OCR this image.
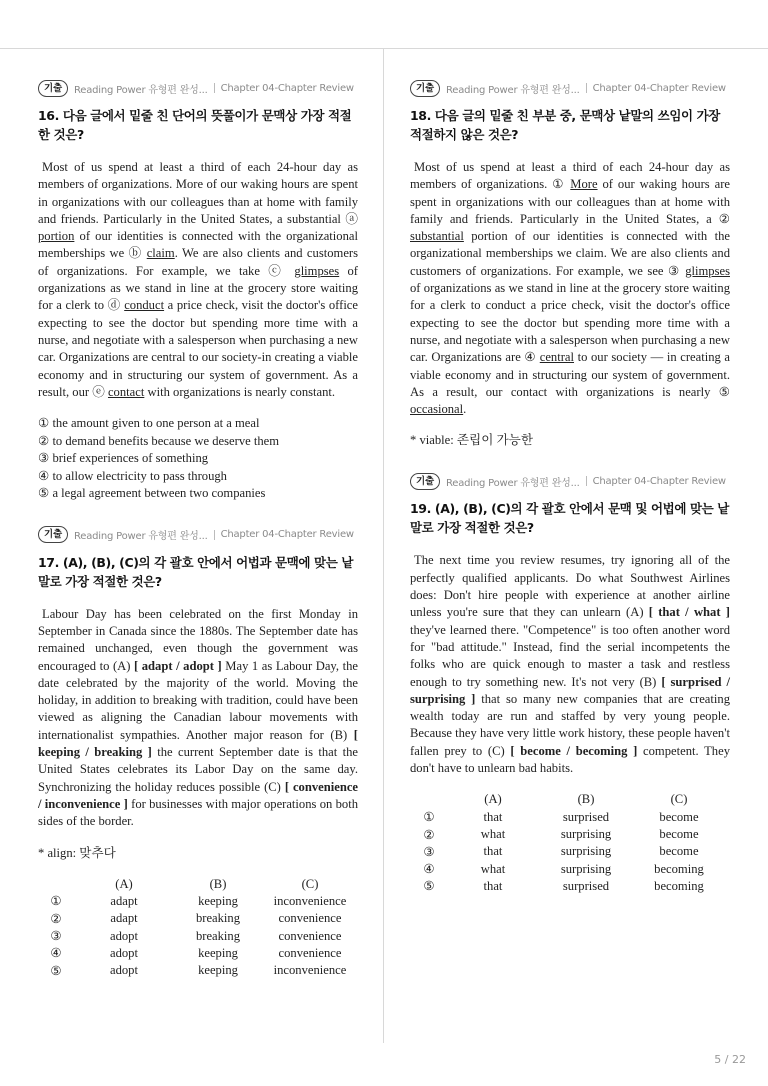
기출	Reading Power 유형편 완성... Chapter 04-Chapter Review
16. 다음 글에서 밑줄 친 단어의 뜻풀이가 문맥상 가장 적절한 것은?

Most of us spend at least a third of each 24-hour day as members of organizations. More of our waking hours are spent in organizations with our colleagues than at home with family and friends. Particularly in the United States, a substantial ⓐ portion of our identities is connected with the organizational memberships we ⓑ claim. We are also clients and customers of organizations. For example, we take ⓒ glimpses of organizations as we stand in line at the grocery store waiting for a clerk to ⓓ conduct a price check, visit the doctor's office expecting to see the doctor but spending more time with a nurse, and negotiate with a salesperson when purchasing a new car. Organizations are central to our society-in creating a viable economy and in structuring our system of government. As a result, our ⓔ contact with organizations is nearly constant.

① the amount given to one person at a meal
② to demand benefits because we deserve them
③ brief experiences of something
④ to allow electricity to pass through
⑤ a legal agreement between two companies
기출	Reading Power 유형편 완성... Chapter 04-Chapter Review
17. (A), (B), (C)의 각 괄호 안에서 어법과 문맥에 맞는 낱말로 가장 적절한 것은?

Labour Day has been celebrated on the first Monday in September in Canada since the 1880s. The September date has remained unchanged, even though the government was encouraged to (A) [ adapt / adopt ] May 1 as Labour Day, the date celebrated by the majority of the world. Moving the holiday, in addition to breaking with tradition, could have been viewed as aligning the Canadian labour movements with internationalist sympathies. Another major reason for (B) [ keeping / breaking ] the current September date is that the United States celebrates its Labor Day on the same day. Synchronizing the holiday reduces possible (C) [ convenience / inconvenience ] for businesses with major operations on both sides of the border.

* align: 맞추다
	(A)	(B)	(C)
①	adapt	keeping	inconvenience
②	adapt	breaking	convenience
③	adopt	breaking	convenience
④	adopt	keeping	convenience
⑤	adopt	keeping	inconvenience
기출	Reading Power 유형편 완성... Chapter 04-Chapter Review
18. 다음 글의 밑줄 친 부분 중, 문맥상 낱말의 쓰임이 가장 적절하지 않은 것은?

Most of us spend at least a third of each 24-hour day as members of organizations. ① More of our waking hours are spent in organizations with our colleagues than at home with family and friends. Particularly in the United States, a ② substantial portion of our identities is connected with the organizational memberships we claim. We are also clients and customers of organizations. For example, we see ③ glimpses of organizations as we stand in line at the grocery store waiting for a clerk to conduct a price check, visit the doctor's office expecting to see the doctor but spending more time with a nurse, and negotiate with a salesperson when purchasing a new car. Organizations are ④ central to our society — in creating a viable economy and in structuring our system of government. As a result, our contact with organizations is nearly ⑤ occasional.

* viable: 존립이 가능한
기출	Reading Power 유형편 완성... Chapter 04-Chapter Review
19. (A), (B), (C)의 각 괄호 안에서 문맥 및 어법에 맞는 낱말로 가장 적절한 것은?

The next time you review resumes, try ignoring all of the perfectly qualified applicants. Do what Southwest Airlines does: Don't hire people with experience at another airline unless you're sure that they can unlearn (A) [ that / what ] they've learned there. "Competence" is too often another word for "bad attitude." Instead, find the serial incompetents the folks who are quick enough to master a task and restless enough to try something new. It's not very (B) [ surprised / surprising ] that so many new companies that are creating wealth today are run and staffed by very young people. Because they have very little work history, these people haven't fallen prey to (C) [ become / becoming ] competent. They don't have to unlearn bad habits.

	(A)	(B)	(C)
①	that	surprised	become
②	what	surprising	become
③	that	surprising	become
④	what	surprising	becoming
⑤	that	surprised	becoming
5 / 22
